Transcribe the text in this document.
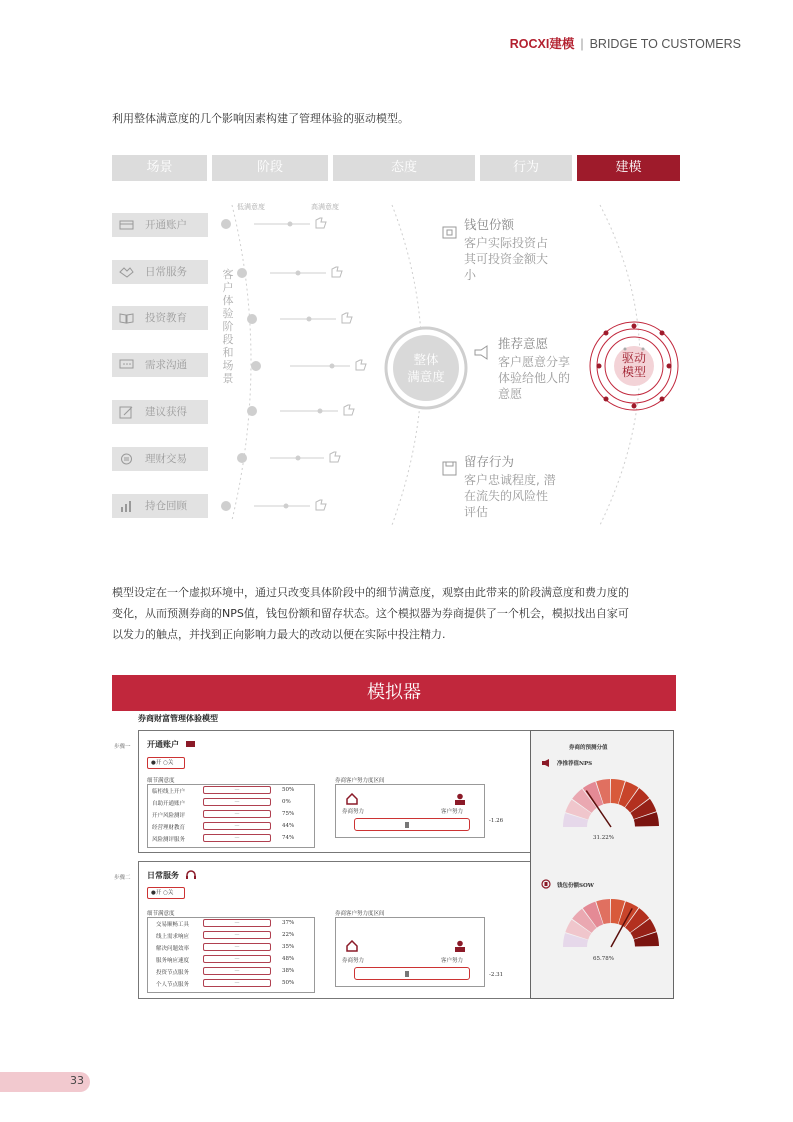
ROCXI建模 | BRIDGE TO CUSTOMERS
利用整体满意度的几个影响因素构建了管理体验的驱动模型。
场景	阶段	态度	行为	建模
开通账户
日常服务
投资教育
需求沟通
建议获得
理财交易
持仓回顾
客户体验阶段和场景
低满意度	高满意度
整体
满意度
钱包份额
客户实际投资占
其可投资金额大
小
推荐意愿
客户愿意分享
体验给他人的
意愿
留存行为
客户忠诚程度, 潜
在流失的风险性
评估
驱动
模型
模型设定在一个虚拟环境中，通过只改变具体阶段中的细节满意度，观察由此带来的阶段满意度和费力度的
变化，从而预测券商的NPS值，钱包份额和留存状态。这个模拟器为券商提供了一个机会，模拟找出自家可
以发力的触点，并找到正向影响力最大的改动以便在实际中投注精力.
模拟器
券商财富管理体验模型
步骤一 开通账户
●开 ○关
细节满意度
临柜线上开户	—	50%
自助开通账户	—	0%
开户风险测评	—	75%
经营理财教育	—	44%
风险测评服务	—	74%
券商客户努力度区间
券商努力	客户努力
-1.26
步骤二 日常服务
●开 ○关
细节满意度
交易顺畅工具	—	37%
线上需求响应	—	22%
解决问题效率	—	35%
服务响应速度	—	48%
投资节点服务	—	38%
个人节点服务	—	50%
券商客户努力度区间
券商努力	客户努力
-2.31
券商的预测分值
净推荐值NPS
31.22%
钱包份额SOW
65.78%
33
